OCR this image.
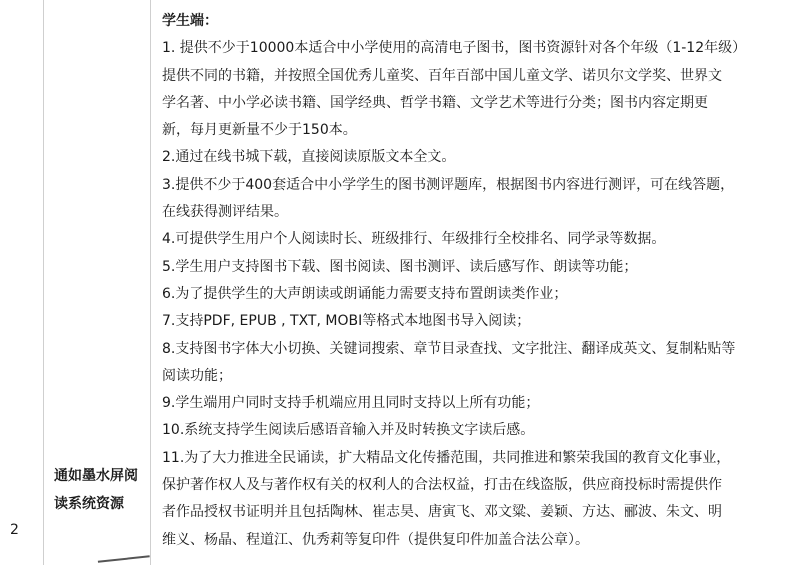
2
通如墨水屏阅读系统资源
学生端：
1. 提供不少于10000本适合中小学使用的高清电子图书，图书资源针对各个年级（1-12年级）
提供不同的书籍，并按照全国优秀儿童奖、百年百部中国儿童文学、诺贝尔文学奖、世界文
学名著、中小学必读书籍、国学经典、哲学书籍、文学艺术等进行分类；图书内容定期更
新，每月更新量不少于150本。
2.通过在线书城下载，直接阅读原版文本全文。
3.提供不少于400套适合中小学学生的图书测评题库，根据图书内容进行测评，可在线答题，
在线获得测评结果。
4.可提供学生用户个人阅读时长、班级排行、年级排行全校排名、同学录等数据。
5.学生用户支持图书下载、图书阅读、图书测评、读后感写作、朗读等功能；
6.为了提供学生的大声朗读或朗诵能力需要支持布置朗读类作业；
7.支持PDF, EPUB , TXT, MOBI等格式本地图书导入阅读；
8.支持图书字体大小切换、关键词搜索、章节目录查找、文字批注、翻译成英文、复制粘贴等
阅读功能；
9.学生端用户同时支持手机端应用且同时支持以上所有功能；
10.系统支持学生阅读后感语音输入并及时转换文字读后感。
11.为了大力推进全民诵读，扩大精品文化传播范围，共同推进和繁荣我国的教育文化事业，
保护著作权人及与著作权有关的权利人的合法权益，打击在线盗版，供应商投标时需提供作
者作品授权书证明并且包括陶林、崔志昊、唐寅飞、邓文粱、姜颖、方达、郦波、朱文、明
维义、杨晶、程道江、仇秀莉等复印件（提供复印件加盖合法公章）。
